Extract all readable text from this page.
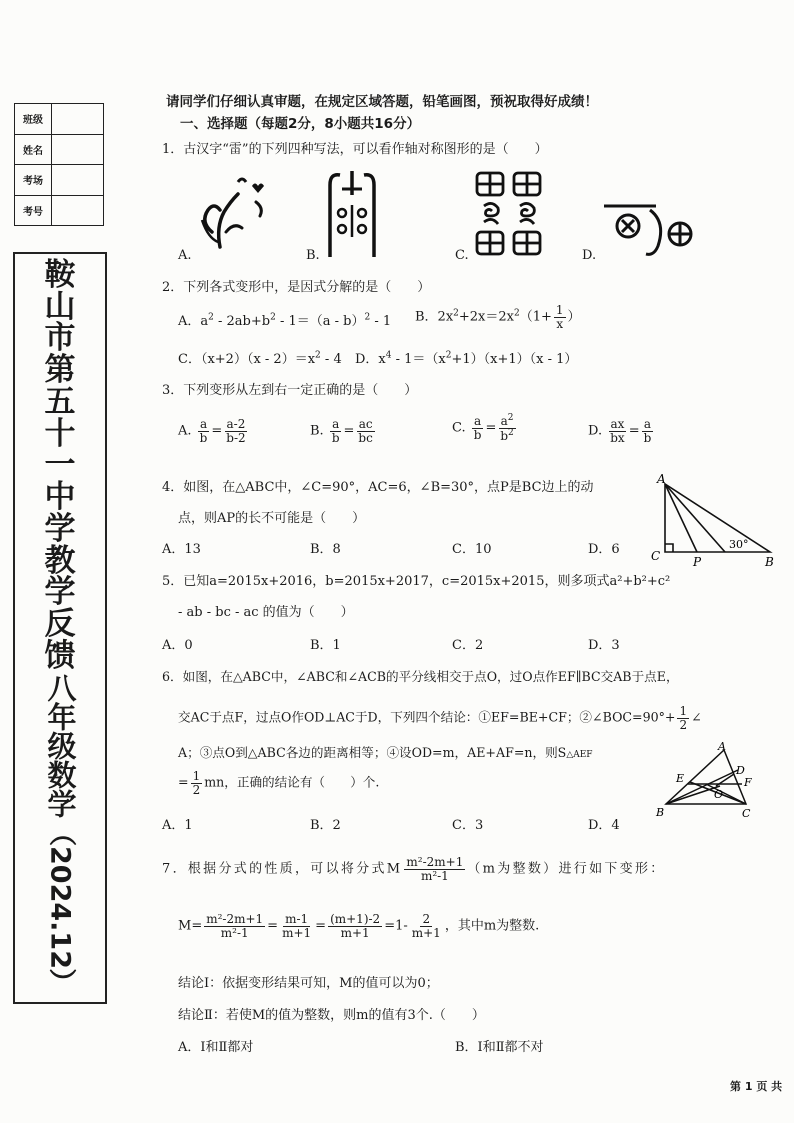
班级
姓名
考场
考号
鞍
山
市
第
五
十
一
中
学
教
学
反
馈
八年级
数学
（2024.12）
请同学们仔细认真审题，在规定区域答题，铅笔画图，预祝取得好成绩！
一、选择题（每题2分，8小题共16分）
1．古汉字“雷”的下列四种写法，可以看作轴对称图形的是（　　）
A.	B.	C.	D.
2．下列各式变形中，是因式分解的是（　　）
A．$a^2 - 2ab+b^2 - 1=(a - b)^2 - 1$ B．$2x^2+2x=2x^2(1+ \frac{1}{x}$ ）
C．$(x+2)(x - 2)=x^2 - 4$ D．$x^4 - 1=(x^2+1)(x+1)(x - 1)$
3．下列变形从左到右一定正确的是（　　）
A. $\frac{a}{b} = \frac{a-2}{b-2}$	B. $\frac{a}{b} = \frac{ac}{bc}$	C. $\frac{a}{b} = \frac{a^2}{b^2}$	D. $\frac{ax}{bx} = \frac{a}{b}$
4．如图，在△ABC中，∠C=90°，AC=6，∠B=30°，点P是BC边上的动
点，则AP的长不可能是（　　）
A．13	B．8	C．10	D．6
A
C	P	B
30°
5．已知a=2015x+2016，b=2015x+2017，c=2015x+2015，则多项式a²+b²+c²
- ab - bc - ac 的值为（　　）
A．0	B．1	C．2	D．3
6．如图，在△ABC中，∠ABC和∠ACB的平分线相交于点O，过O点作EF∥BC交AB于点E，
交AC于点F，过点O作OD⊥AC于D，下列四个结论：①EF=BE+CF；②∠BOC=90°+ $\frac{1}{2}$ ∠
A；③点O到△ABC各边的距离相等；④设OD=m，AE+AF=n，则S△AEF
= $\frac{1}{2}$ mn，正确的结论有（　　）个.
A．1	B．2	C．3	D．4
A
B	C
D
E	F
O
7．根据分式的性质，可以将分式M $\frac{\text{m²-2m+1}}{\text{m²-1}} (m$为整数）进行如下变形：
$M= \frac{\text{m²-2m+1}}{\text{m²-1}} = \frac{m-1}{m+1} = \frac{(m+1)-2}{m+1} =1- \frac{2}{m+1}$ ，其中m为整数.
结论Ⅰ：依据变形结果可知，M的值可以为0；
结论Ⅱ：若使M的值为整数，则m的值有3个.（　　）
A．Ⅰ和Ⅱ都对	B．Ⅰ和Ⅱ都不对
第 1 页 共
